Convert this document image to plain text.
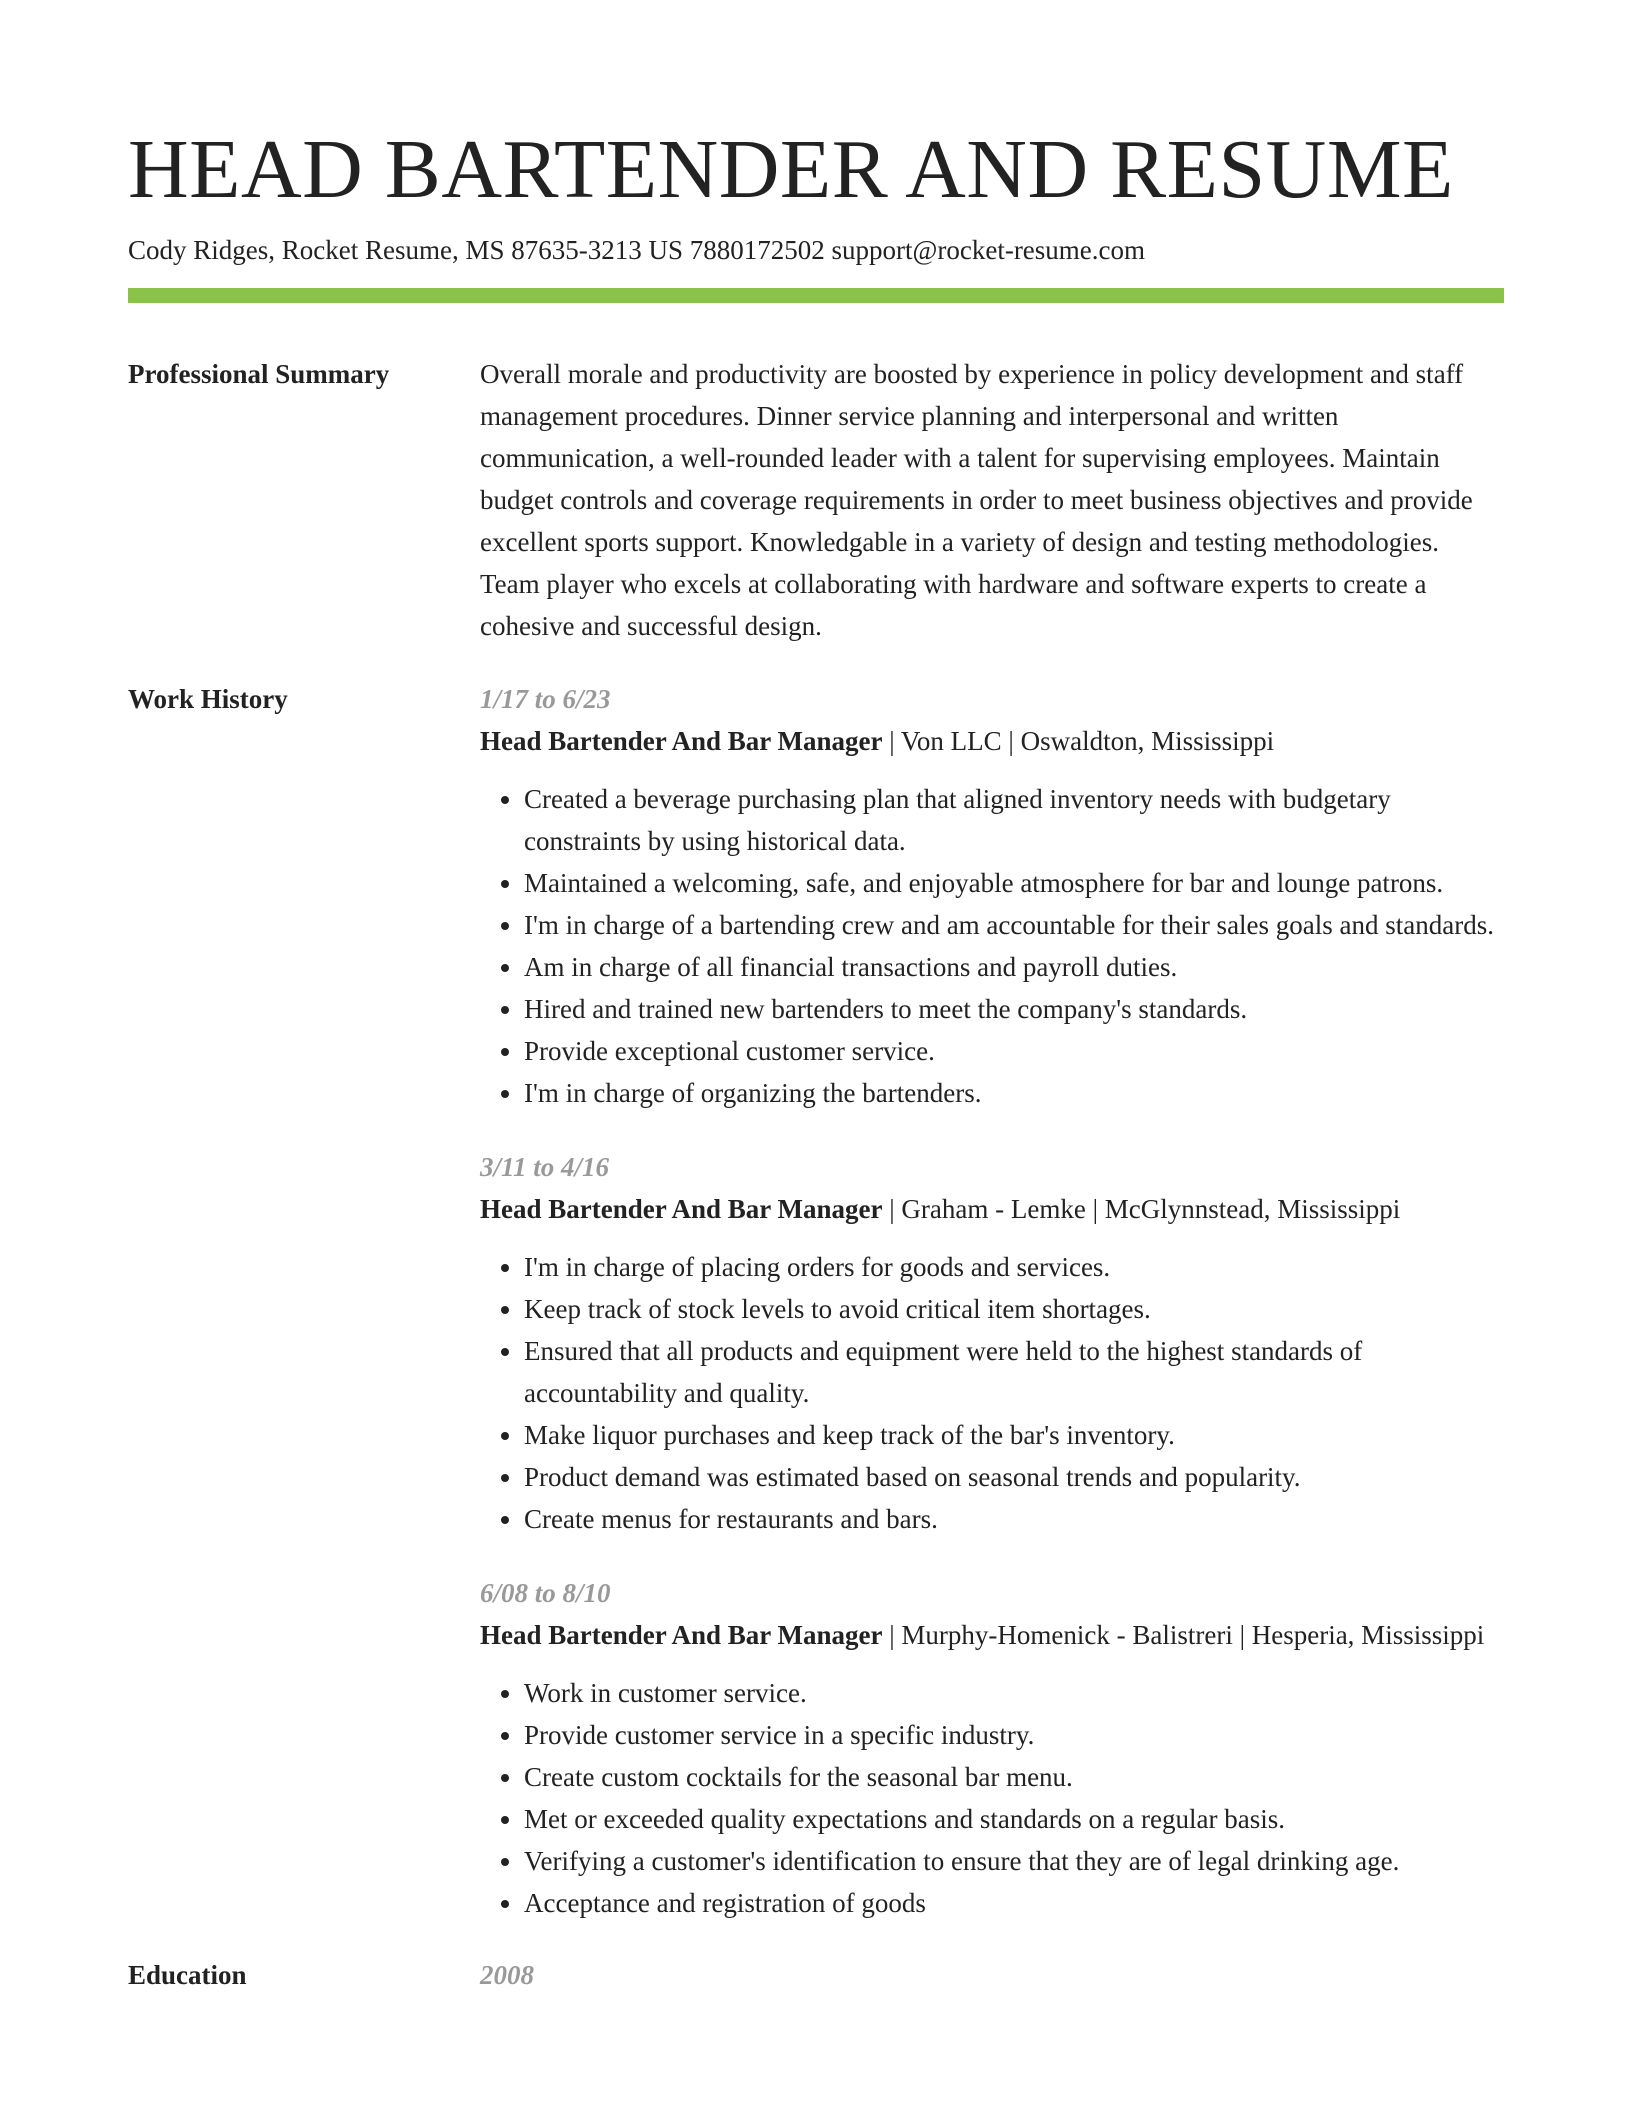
HEAD BARTENDER AND RESUME
Cody Ridges, Rocket Resume, MS 87635-3213 US 7880172502 support@rocket-resume.com
Professional Summary	Overall morale and productivity are boosted by experience in policy development and staff management procedures. Dinner service planning and interpersonal and written communication, a well-rounded leader with a talent for supervising employees. Maintain budget controls and coverage requirements in order to meet business objectives and provide excellent sports support. Knowledgable in a variety of design and testing methodologies. Team player who excels at collaborating with hardware and software experts to create a cohesive and successful design.
Work History	1/17 to 6/23
Head Bartender And Bar Manager | Von LLC | Oswaldton, Mississippi
• Created a beverage purchasing plan that aligned inventory needs with budgetary constraints by using historical data.
• Maintained a welcoming, safe, and enjoyable atmosphere for bar and lounge patrons.
• I'm in charge of a bartending crew and am accountable for their sales goals and standards.
• Am in charge of all financial transactions and payroll duties.
• Hired and trained new bartenders to meet the company's standards.
• Provide exceptional customer service.
• I'm in charge of organizing the bartenders.
3/11 to 4/16
Head Bartender And Bar Manager | Graham - Lemke | McGlynnstead, Mississippi
• I'm in charge of placing orders for goods and services.
• Keep track of stock levels to avoid critical item shortages.
• Ensured that all products and equipment were held to the highest standards of accountability and quality.
• Make liquor purchases and keep track of the bar's inventory.
• Product demand was estimated based on seasonal trends and popularity.
• Create menus for restaurants and bars.
6/08 to 8/10
Head Bartender And Bar Manager | Murphy-Homenick - Balistreri | Hesperia, Mississippi
• Work in customer service.
• Provide customer service in a specific industry.
• Create custom cocktails for the seasonal bar menu.
• Met or exceeded quality expectations and standards on a regular basis.
• Verifying a customer's identification to ensure that they are of legal drinking age.
• Acceptance and registration of goods
Education	2008
